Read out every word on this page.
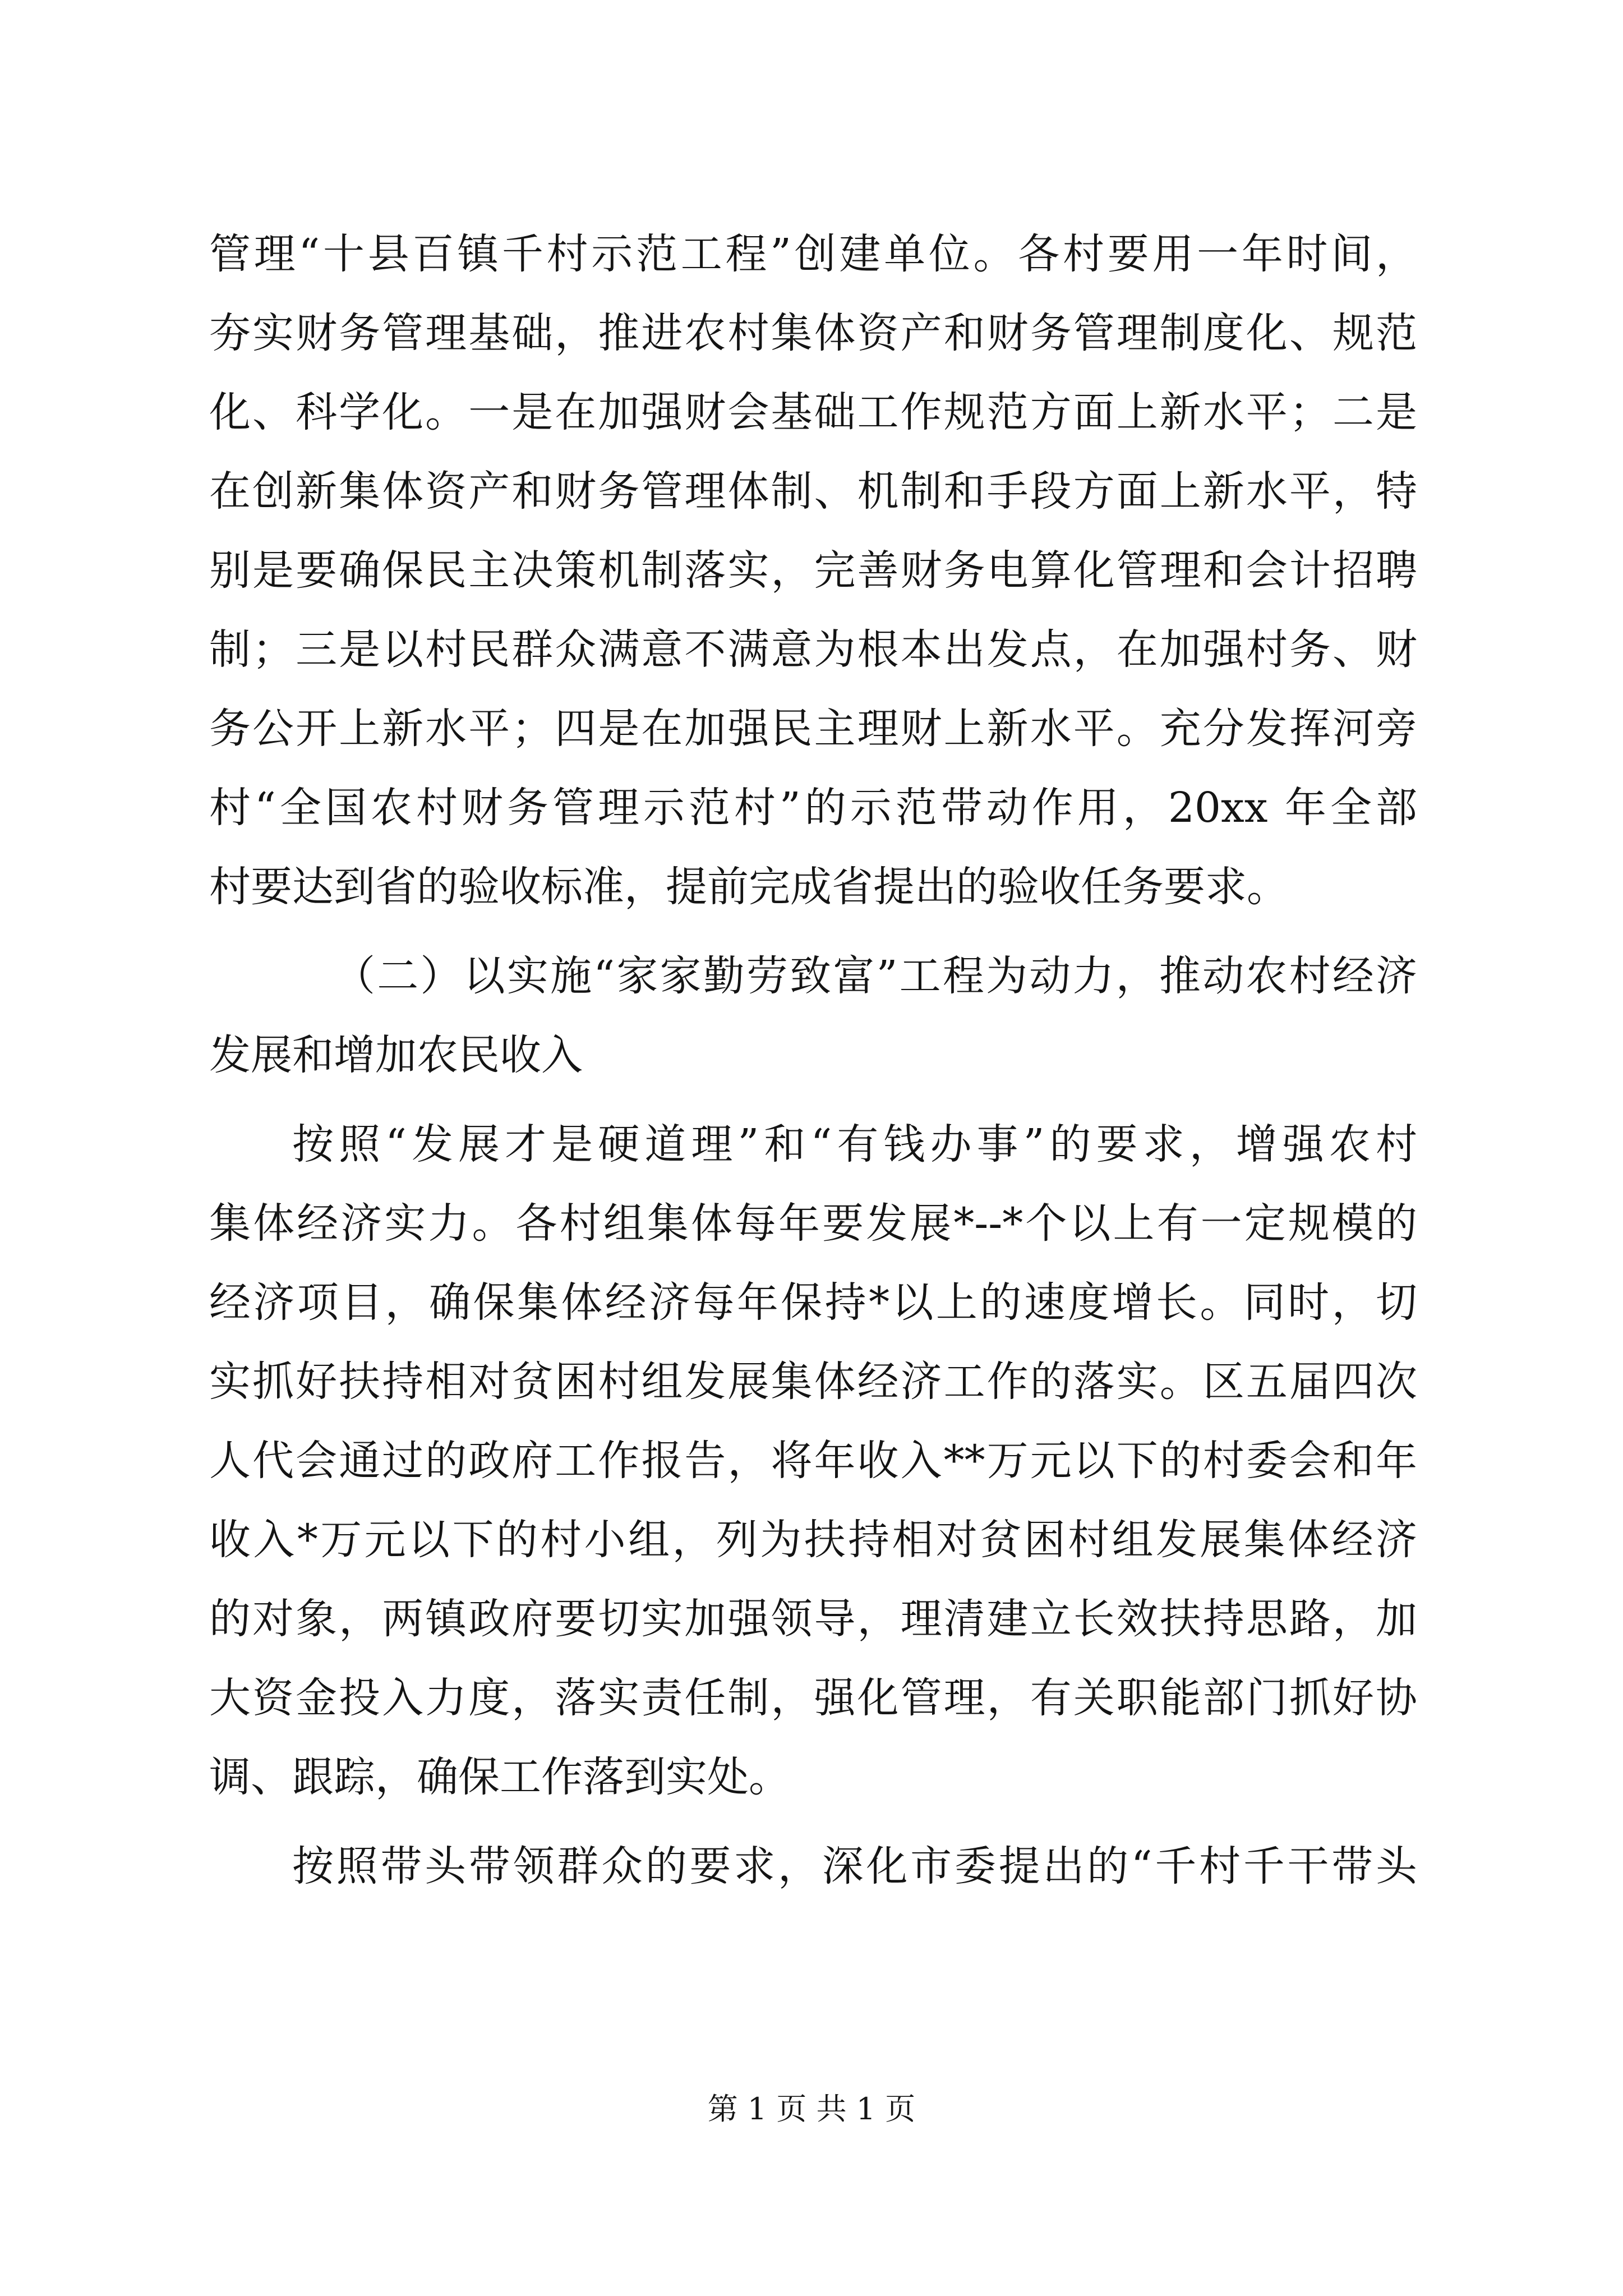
管理“十县百镇千村示范工程”创建单位。各村要用一年时间，
夯实财务管理基础，推进农村集体资产和财务管理制度化、规范
化、科学化。一是在加强财会基础工作规范方面上新水平；二是
在创新集体资产和财务管理体制、机制和手段方面上新水平，特
别是要确保民主决策机制落实，完善财务电算化管理和会计招聘
制；三是以村民群众满意不满意为根本出发点，在加强村务、财
务公开上新水平；四是在加强民主理财上新水平。充分发挥河旁
村“全国农村财务管理示范村”的示范带动作用，20xx 年全部
村要达到省的验收标准，提前完成省提出的验收任务要求。
（二）以实施“家家勤劳致富”工程为动力，推动农村经济
发展和增加农民收入
按照“发展才是硬道理”和“有钱办事”的要求，增强农村
集体经济实力。各村组集体每年要发展*--*个以上有一定规模的
经济项目，确保集体经济每年保持*以上的速度增长。同时，切
实抓好扶持相对贫困村组发展集体经济工作的落实。区五届四次
人代会通过的政府工作报告，将年收入**万元以下的村委会和年
收入*万元以下的村小组，列为扶持相对贫困村组发展集体经济
的对象，两镇政府要切实加强领导，理清建立长效扶持思路，加
大资金投入力度，落实责任制，强化管理，有关职能部门抓好协
调、跟踪，确保工作落到实处。
按照带头带领群众的要求，深化市委提出的“千村千干带头
第 1 页 共 1 页
